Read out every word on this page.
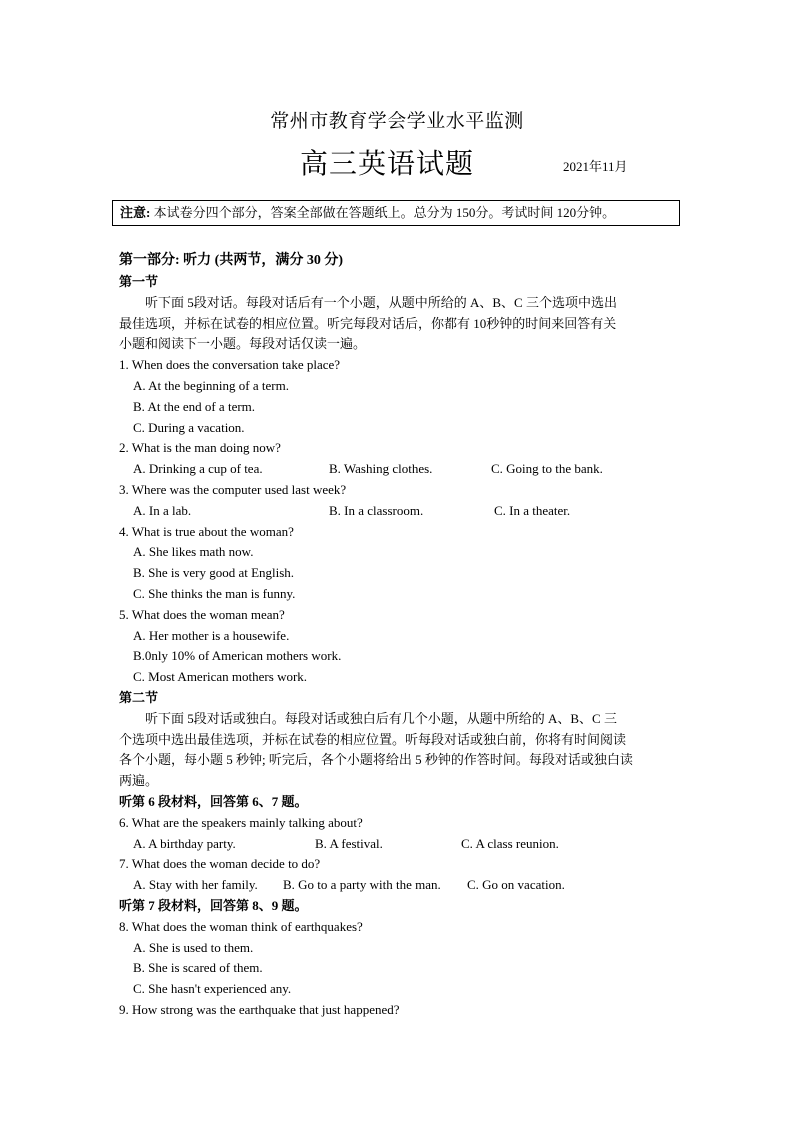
常州市教育学会学业水平监测
高三英语试题	2021年11月
注意: 本试卷分四个部分，答案全部做在答题纸上。总分为 150分。考试时间 120分钟。
第一部分: 听力 (共两节，满分 30 分)
第一节
听下面 5段对话。每段对话后有一个小题，从题中所给的 A、B、C 三个选项中选出
最佳选项，并标在试卷的相应位置。听完每段对话后，你都有 10秒钟的时间来回答有关
小题和阅读下一小题。每段对话仅读一遍。
1. When does the conversation take place?
A. At the beginning of a term.
B. At the end of a term.
C. During a vacation.
2. What is the man doing now?
A. Drinking a cup of tea.	B. Washing clothes.	C. Going to the bank.
3. Where was the computer used last week?
A. In a lab.	B. In a classroom.	C. In a theater.
4. What is true about the woman?
A. She likes math now.
B. She is very good at English.
C. She thinks the man is funny.
5. What does the woman mean?
A. Her mother is a housewife.
B.0nly 10% of American mothers work.
C. Most American mothers work.
第二节
听下面 5段对话或独白。每段对话或独白后有几个小题，从题中所给的 A、B、C 三
个选项中选出最佳选项，并标在试卷的相应位置。听每段对话或独白前，你将有时间阅读
各个小题，每小题 5 秒钟; 听完后，各个小题将给出 5 秒钟的作答时间。每段对话或独白读
两遍。
听第 6 段材料，回答第 6、7 题。
6. What are the speakers mainly talking about?
A. A birthday party.	B. A festival.	C. A class reunion.
7. What does the woman decide to do?
A. Stay with her family.	B. Go to a party with the man.	C. Go on vacation.
听第 7 段材料，回答第 8、9 题。
8. What does the woman think of earthquakes?
A. She is used to them.
B. She is scared of them.
C. She hasn't experienced any.
9. How strong was the earthquake that just happened?
